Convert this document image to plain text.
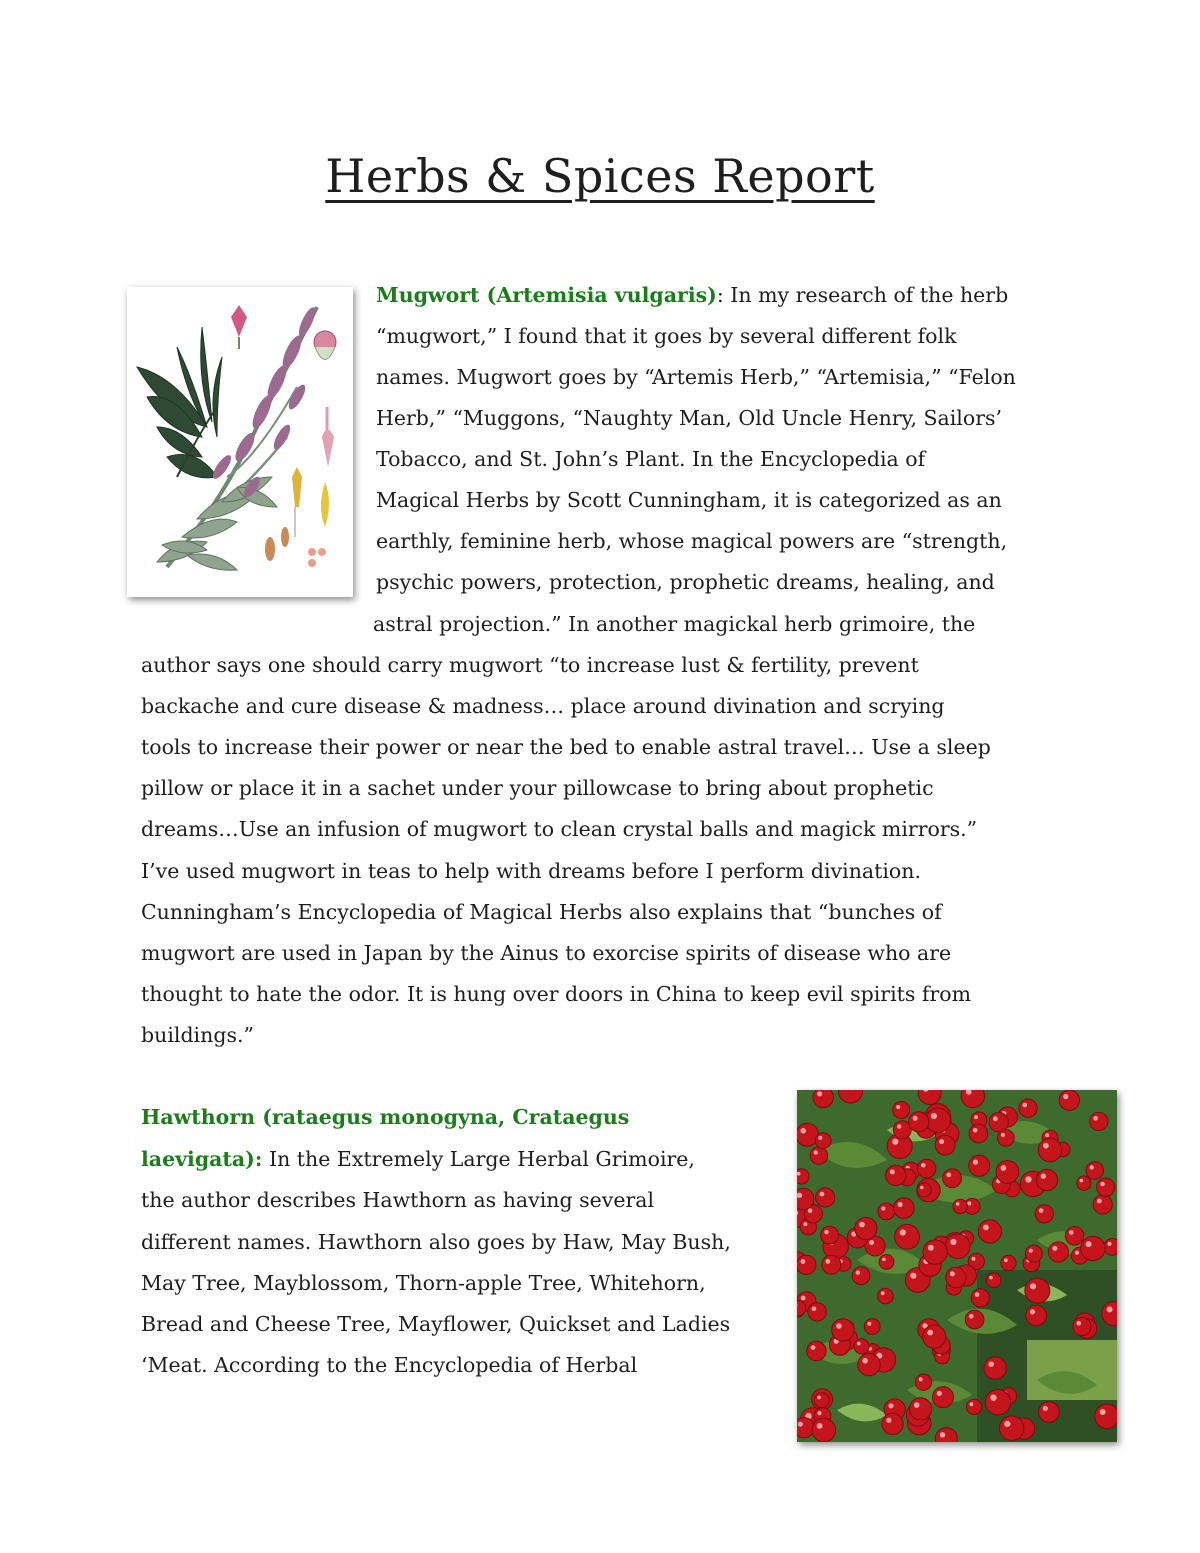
Herbs & Spices Report
Mugwort (Artemisia vulgaris): In my research of the herb
“mugwort,” I found that it goes by several different folk
names. Mugwort goes by “Artemis Herb,” “Artemisia,” “Felon
Herb,” “Muggons, “Naughty Man, Old Uncle Henry, Sailors’
Tobacco, and St. John’s Plant. In the Encyclopedia of
Magical Herbs by Scott Cunningham, it is categorized as an
earthly, feminine herb, whose magical powers are “strength,
psychic powers, protection, prophetic dreams, healing, and
astral projection.” In another magickal herb grimoire, the
author says one should carry mugwort “to increase lust & fertility, prevent
backache and cure disease & madness… place around divination and scrying
tools to increase their power or near the bed to enable astral travel… Use a sleep
pillow or place it in a sachet under your pillowcase to bring about prophetic
dreams…Use an infusion of mugwort to clean crystal balls and magick mirrors.”
I’ve used mugwort in teas to help with dreams before I perform divination.
Cunningham’s Encyclopedia of Magical Herbs also explains that “bunches of
mugwort are used in Japan by the Ainus to exorcise spirits of disease who are
thought to hate the odor. It is hung over doors in China to keep evil spirits from
buildings.”
Hawthorn (rataegus monogyna, Crataegus
laevigata): In the Extremely Large Herbal Grimoire,
the author describes Hawthorn as having several
different names. Hawthorn also goes by Haw, May Bush,
May Tree, Mayblossom, Thorn-apple Tree, Whitehorn,
Bread and Cheese Tree, Mayflower, Quickset and Ladies
‘Meat. According to the Encyclopedia of Herbal
